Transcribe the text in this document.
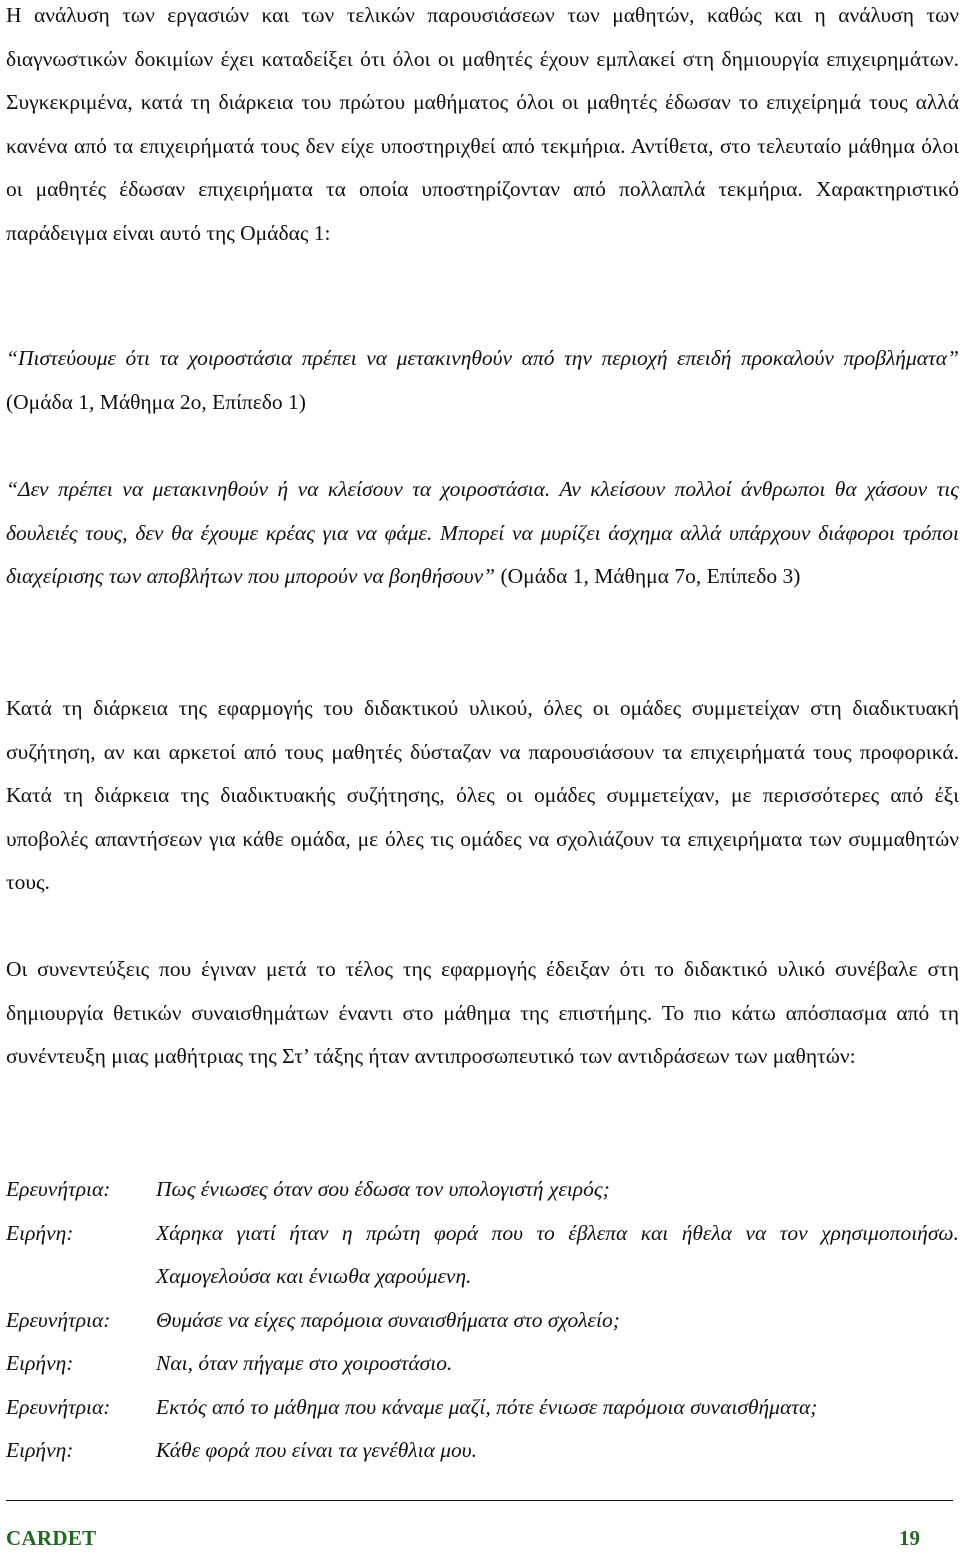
Η ανάλυση των εργασιών και των τελικών παρουσιάσεων των μαθητών, καθώς και η ανάλυση των διαγνωστικών δοκιμίων έχει καταδείξει ότι όλοι οι μαθητές έχουν εμπλακεί στη δημιουργία επιχειρημάτων. Συγκεκριμένα, κατά τη διάρκεια του πρώτου μαθήματος όλοι οι μαθητές έδωσαν το επιχείρημά τους αλλά κανένα από τα επιχειρήματά τους δεν είχε υποστηριχθεί από τεκμήρια. Αντίθετα, στο τελευταίο μάθημα όλοι οι μαθητές έδωσαν επιχειρήματα τα οποία υποστηρίζονταν από πολλαπλά τεκμήρια. Χαρακτηριστικό παράδειγμα είναι αυτό της Ομάδας 1:

“Πιστεύουμε ότι τα χοιροστάσια πρέπει να μετακινηθούν από την περιοχή επειδή προκαλούν προβλήματα” (Ομάδα 1, Μάθημα 2ο, Επίπεδο 1)

“Δεν πρέπει να μετακινηθούν ή να κλείσουν τα χοιροστάσια. Αν κλείσουν πολλοί άνθρωποι θα χάσουν τις δουλειές τους, δεν θα έχουμε κρέας για να φάμε. Μπορεί να μυρίζει άσχημα αλλά υπάρχουν διάφοροι τρόποι διαχείρισης των αποβλήτων που μπορούν να βοηθήσουν” (Ομάδα 1, Μάθημα 7ο, Επίπεδο 3)

Κατά τη διάρκεια της εφαρμογής του διδακτικού υλικού, όλες οι ομάδες συμμετείχαν στη διαδικτυακή συζήτηση, αν και αρκετοί από τους μαθητές δύσταζαν να παρουσιάσουν τα επιχειρήματά τους προφορικά. Κατά τη διάρκεια της διαδικτυακής συζήτησης, όλες οι ομάδες συμμετείχαν, με περισσότερες από έξι υποβολές απαντήσεων για κάθε ομάδα, με όλες τις ομάδες να σχολιάζουν τα επιχειρήματα των συμμαθητών τους.

Οι συνεντεύξεις που έγιναν μετά το τέλος της εφαρμογής έδειξαν ότι το διδακτικό υλικό συνέβαλε στη δημιουργία θετικών συναισθημάτων έναντι στο μάθημα της επιστήμης. Το πιο κάτω απόσπασμα από τη συνέντευξη μιας μαθήτριας της Στ’ τάξης ήταν αντιπροσωπευτικό των αντιδράσεων των μαθητών:

Ερευνήτρια:	Πως ένιωσες όταν σου έδωσα τον υπολογιστή χειρός;
Ειρήνη:	Χάρηκα γιατί ήταν η πρώτη φορά που το έβλεπα και ήθελα να τον χρησιμοποιήσω. Χαμογελούσα και ένιωθα χαρούμενη.
Ερευνήτρια:	Θυμάσε να είχες παρόμοια συναισθήματα στο σχολείο;
Ειρήνη:	Ναι, όταν πήγαμε στο χοιροστάσιο.
Ερευνήτρια:	Εκτός από το μάθημα που κάναμε μαζί, πότε ένιωσε παρόμοια συναισθήματα;
Ειρήνη:	Κάθε φορά που είναι τα γενέθλια μου.
CARDET	19
